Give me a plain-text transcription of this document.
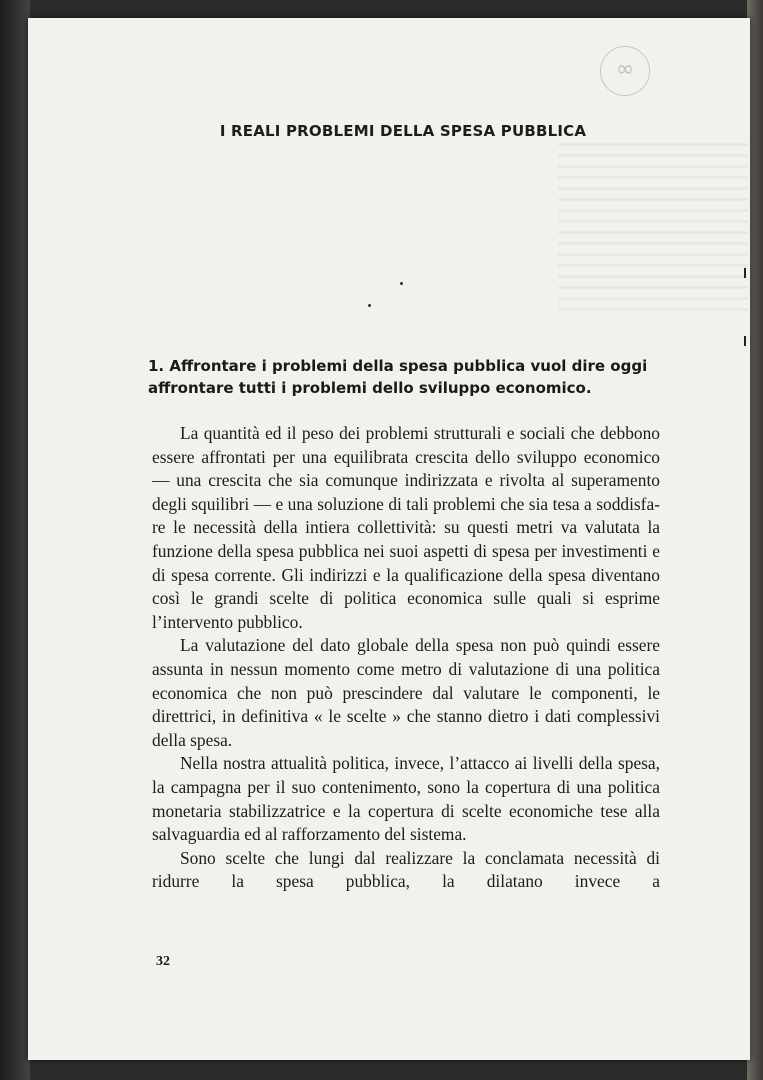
∞
I REALI PROBLEMI DELLA SPESA PUBBLICA
1. Affrontare i problemi della spesa pubblica vuol dire oggi
affrontare tutti i problemi dello sviluppo economico.

La quantità ed il peso dei problemi strutturali e sociali che debbono essere affrontati per una equilibrata crescita dello sviluppo economico — una crescita che sia comunque indirizzata e rivolta al superamento degli squilibri — e una soluzione di tali problemi che sia tesa a soddisfare le necessità della intiera collettività: su questi metri va valutata la funzione della spesa pubblica nei suoi aspetti di spesa per investimenti e di spesa corrente. Gli indirizzi e la qualificazione della spesa diventano così le grandi scelte di politica economica sulle quali si esprime l’intervento pubblico.

La valutazione del dato globale della spesa non può quindi essere assunta in nessun momento come metro di valutazione di una politica economica che non può prescindere dal valutare le componenti, le direttrici, in definitiva « le scelte » che stanno dietro i dati complessivi della spesa.

Nella nostra attualità politica, invece, l’attacco ai livelli della spesa, la campagna per il suo contenimento, sono la copertura di una politica monetaria stabilizzatrice e la copertura di scelte economiche tese alla salvaguardia ed al rafforzamento del sistema.

Sono scelte che lungi dal realizzare la conclamata necessità di ridurre la spesa pubblica, la dilatano invece a

32
